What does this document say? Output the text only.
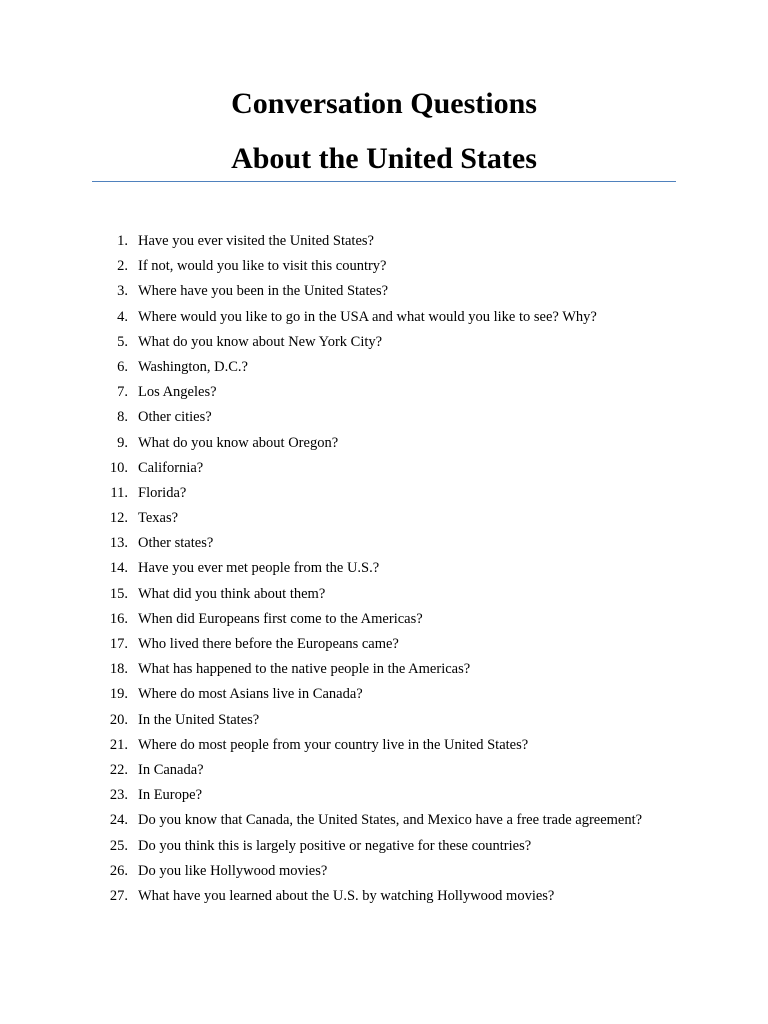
Conversation Questions
About the United States
1. Have you ever visited the United States?
2. If not, would you like to visit this country?
3. Where have you been in the United States?
4. Where would you like to go in the USA and what would you like to see? Why?
5. What do you know about New York City?
6. Washington, D.C.?
7. Los Angeles?
8. Other cities?
9. What do you know about Oregon?
10. California?
11. Florida?
12. Texas?
13. Other states?
14. Have you ever met people from the U.S.?
15. What did you think about them?
16. When did Europeans first come to the Americas?
17. Who lived there before the Europeans came?
18. What has happened to the native people in the Americas?
19. Where do most Asians live in Canada?
20. In the United States?
21. Where do most people from your country live in the United States?
22. In Canada?
23. In Europe?
24. Do you know that Canada, the United States, and Mexico have a free trade agreement?
25. Do you think this is largely positive or negative for these countries?
26. Do you like Hollywood movies?
27. What have you learned about the U.S. by watching Hollywood movies?
